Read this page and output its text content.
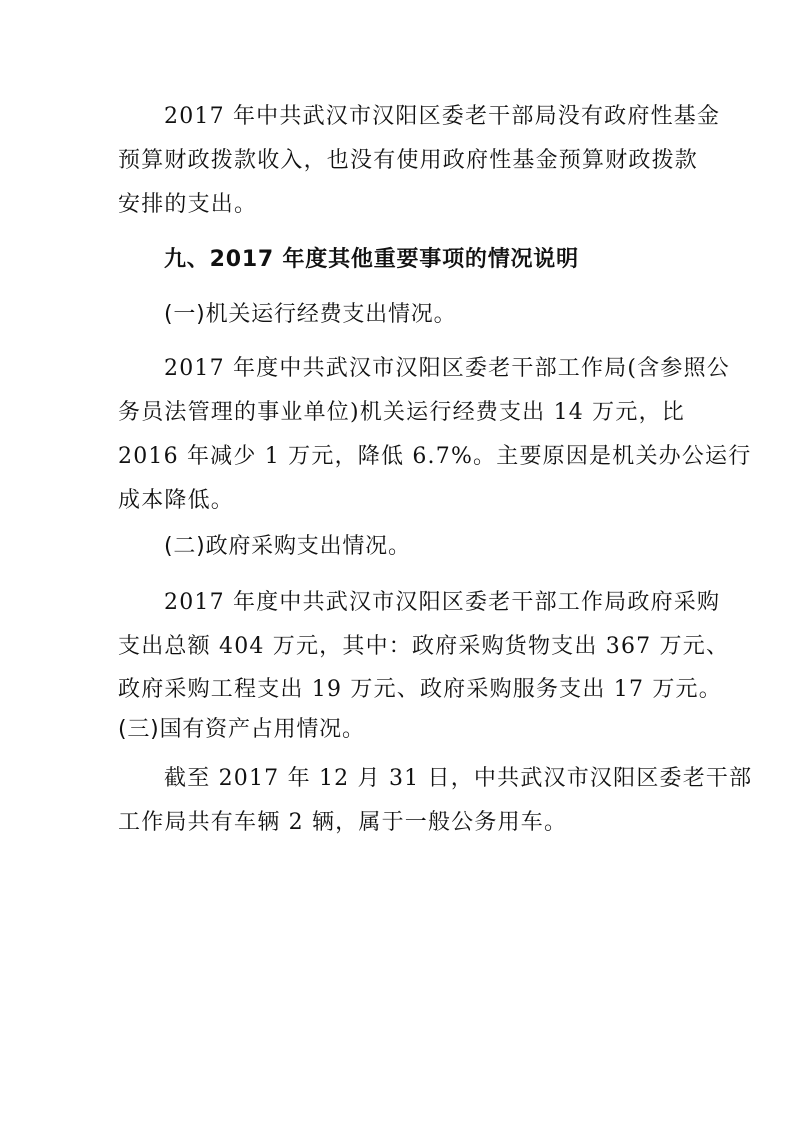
2017 年中共武汉市汉阳区委老干部局没有政府性基金
预算财政拨款收入，也没有使用政府性基金预算财政拨款
安排的支出。
九、2017 年度其他重要事项的情况说明
(一)机关运行经费支出情况。
2017 年度中共武汉市汉阳区委老干部工作局(含参照公
务员法管理的事业单位)机关运行经费支出 14 万元，比
2016 年减少 1 万元，降低 6.7%。主要原因是机关办公运行
成本降低。
(二)政府采购支出情况。
2017 年度中共武汉市汉阳区委老干部工作局政府采购
支出总额 404 万元，其中：政府采购货物支出 367 万元、
政府采购工程支出 19 万元、政府采购服务支出 17 万元。
(三)国有资产占用情况。
截至 2017 年 12 月 31 日，中共武汉市汉阳区委老干部
工作局共有车辆 2 辆，属于一般公务用车。
